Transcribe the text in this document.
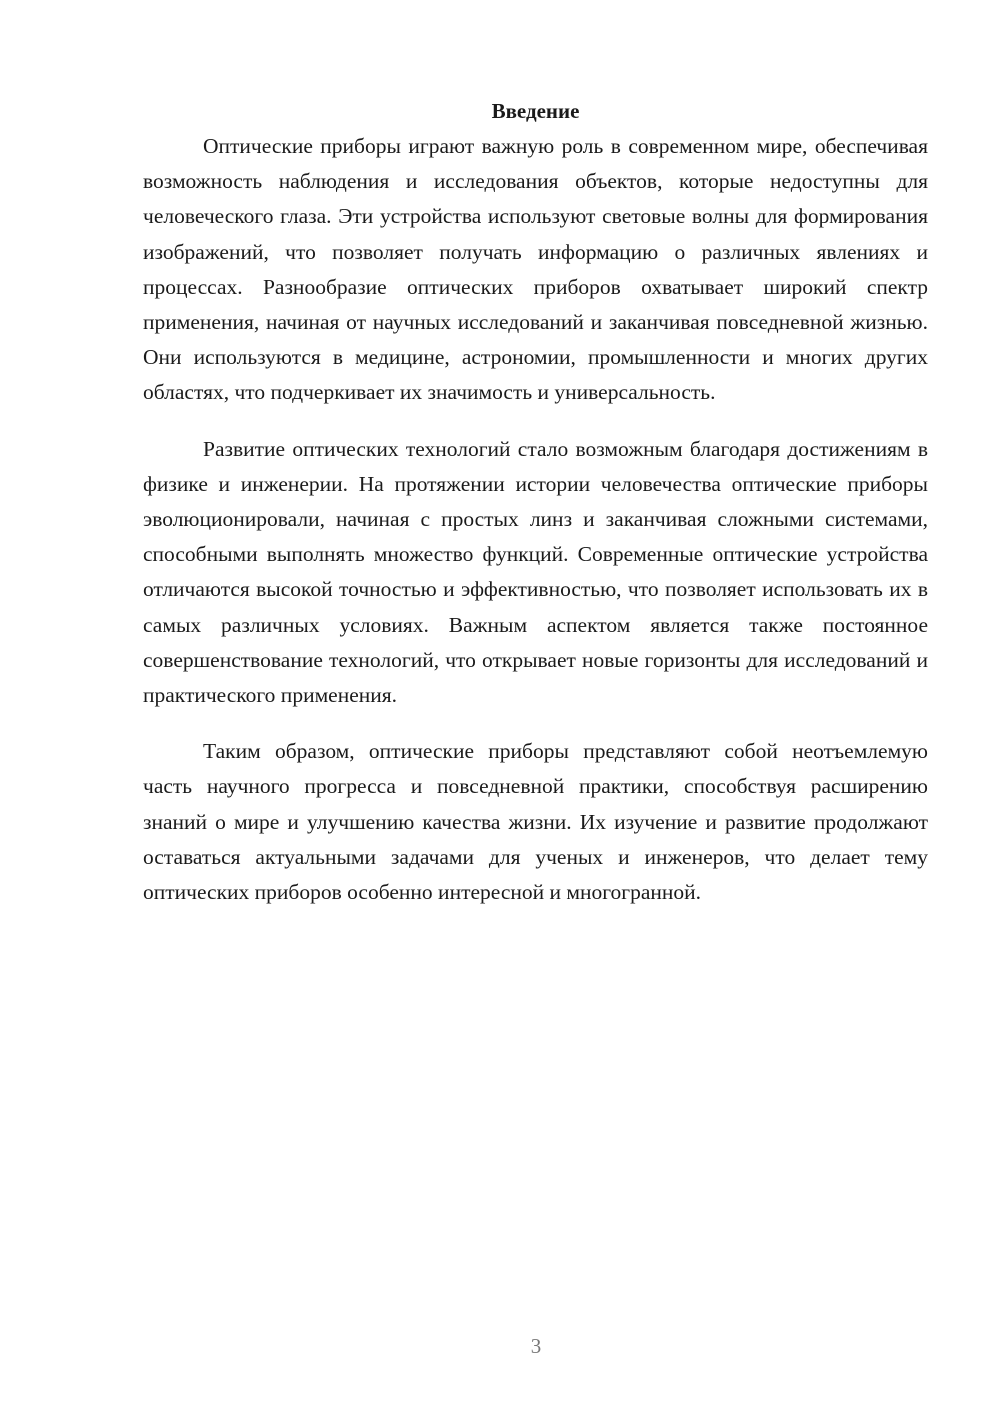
Введение

Оптические приборы играют важную роль в современном мире, обеспечивая возможность наблюдения и исследования объектов, которые недоступны для человеческого глаза. Эти устройства используют световые волны для формирования изображений, что позволяет получать информацию о различных явлениях и процессах. Разнообразие оптических приборов охватывает широкий спектр применения, начиная от научных исследований и заканчивая повседневной жизнью. Они используются в медицине, астрономии, промышленности и многих других областях, что подчеркивает их значимость и универсальность.

Развитие оптических технологий стало возможным благодаря достижениям в физике и инженерии. На протяжении истории человечества оптические приборы эволюционировали, начиная с простых линз и заканчивая сложными системами, способными выполнять множество функций. Современные оптические устройства отличаются высокой точностью и эффективностью, что позволяет использовать их в самых различных условиях. Важным аспектом является также постоянное совершенствование технологий, что открывает новые горизонты для исследований и практического применения.

Таким образом, оптические приборы представляют собой неотъемлемую часть научного прогресса и повседневной практики, способствуя расширению знаний о мире и улучшению качества жизни. Их изучение и развитие продолжают оставаться актуальными задачами для ученых и инженеров, что делает тему оптических приборов особенно интересной и многогранной.

3
